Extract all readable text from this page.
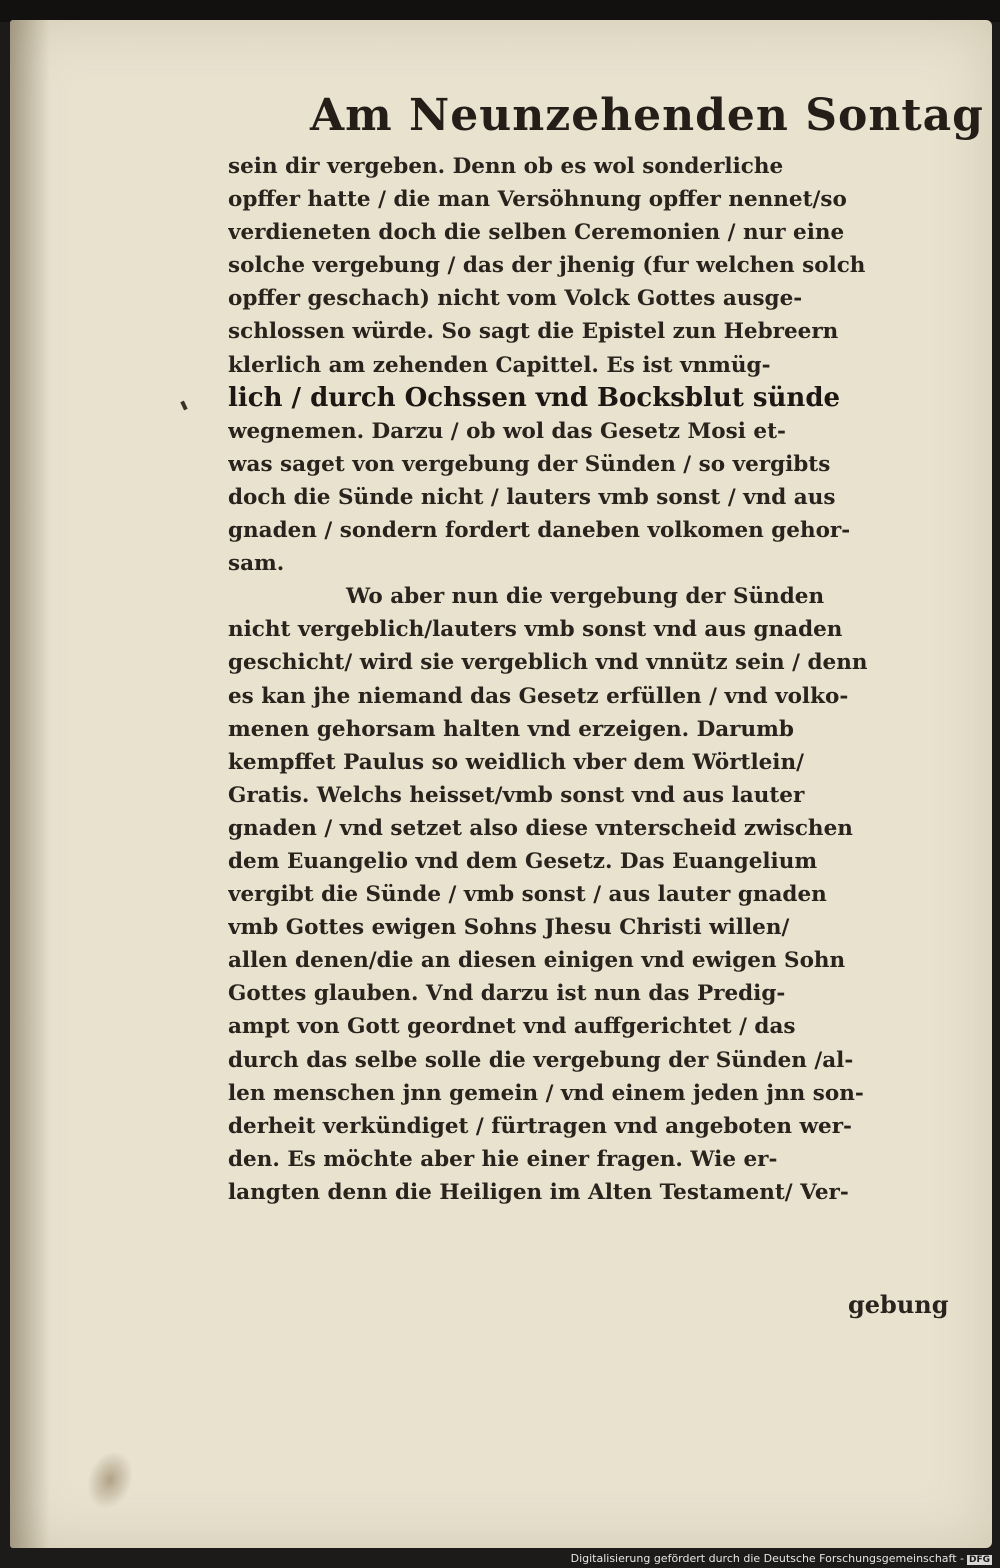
Am Neunzehenden Sontag
sein dir vergeben. Denn ob es wol sonderliche
opffer hatte / die man Versöhnung opffer nennet/so
verdieneten doch die selben Ceremonien / nur eine
solche vergebung / das der jhenig (fur welchen solch
opffer geschach) nicht vom Volck Gottes ausge-
schlossen würde. So sagt die Epistel zun Hebreern
klerlich am zehenden Capittel. Es ist vnmüg-
lich / durch Ochssen vnd Bocksblut sünde
wegnemen. Darzu / ob wol das Gesetz Mosi et-
was saget von vergebung der Sünden / so vergibts
doch die Sünde nicht / lauters vmb sonst / vnd aus
gnaden / sondern fordert daneben volkomen gehor-
sam.
Wo aber nun die vergebung der Sünden
nicht vergeblich/lauters vmb sonst vnd aus gnaden
geschicht/ wird sie vergeblich vnd vnnütz sein / denn
es kan jhe niemand das Gesetz erfüllen / vnd volko-
menen gehorsam halten vnd erzeigen. Darumb
kempffet Paulus so weidlich vber dem Wörtlein/
Gratis. Welchs heisset/vmb sonst vnd aus lauter
gnaden / vnd setzet also diese vnterscheid zwischen
dem Euangelio vnd dem Gesetz. Das Euangelium
vergibt die Sünde / vmb sonst / aus lauter gnaden
vmb Gottes ewigen Sohns Jhesu Christi willen/
allen denen/die an diesen einigen vnd ewigen Sohn
Gottes glauben. Vnd darzu ist nun das Predig-
ampt von Gott geordnet vnd auffgerichtet / das
durch das selbe solle die vergebung der Sünden /al-
len menschen jnn gemein / vnd einem jeden jnn son-
derheit verkündiget / fürtragen vnd angeboten wer-
den. Es möchte aber hie einer fragen. Wie er-
langten denn die Heiligen im Alten Testament/ Ver-
gebung
Digitalisierung gefördert durch die Deutsche Forschungsgemeinschaft - DFG
